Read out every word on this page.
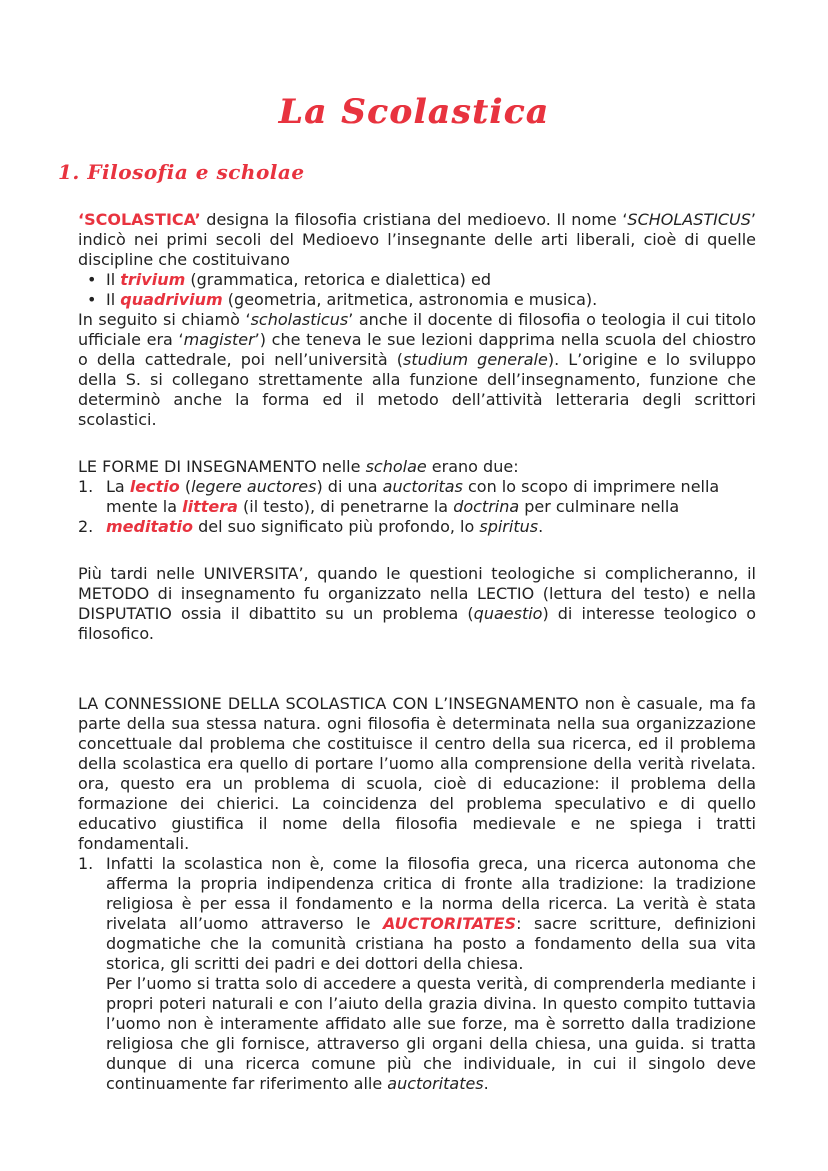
La Scolastica
1. Filosofia e scholae

‘SCOLASTICA’ designa la filosofia cristiana del medioevo. Il nome ‘SCHOLASTICUS’ indicò nei primi secoli del Medioevo l’insegnante delle arti liberali, cioè di quelle discipline che costituivano

• Il trivium (grammatica, retorica e dialettica) ed
• Il quadrivium (geometria, aritmetica, astronomia e musica).

In seguito si chiamò ‘scholasticus’ anche il docente di filosofia o teologia il cui titolo ufficiale era ‘magister’) che teneva le sue lezioni dapprima nella scuola del chiostro o della cattedrale, poi nell’università (studium generale). L’origine e lo sviluppo della S. si collegano strettamente alla funzione dell’insegnamento, funzione che determinò anche la forma ed il metodo dell’attività letteraria degli scrittori scolastici.

LE FORME DI INSEGNAMENTO nelle scholae erano due:

1. La lectio (legere auctores) di una auctoritas con lo scopo di imprimere nella mente la littera (il testo), di penetrarne la doctrina per culminare nella
2. meditatio del suo significato più profondo, lo spiritus.

Più tardi nelle UNIVERSITA’, quando le questioni teologiche si complicheranno, il METODO di insegnamento fu organizzato nella LECTIO (lettura del testo) e nella DISPUTATIO ossia il dibattito su un problema (quaestio) di interesse teologico o filosofico.

LA CONNESSIONE DELLA SCOLASTICA CON L’INSEGNAMENTO non è casuale, ma fa parte della sua stessa natura. ogni filosofia è determinata nella sua organizzazione concettuale dal problema che costituisce il centro della sua ricerca, ed il problema della scolastica era quello di portare l’uomo alla comprensione della verità rivelata. ora, questo era un problema di scuola, cioè di educazione: il problema della formazione dei chierici. La coincidenza del problema speculativo e di quello educativo giustifica il nome della filosofia medievale e ne spiega i tratti fondamentali.

1. Infatti la scolastica non è, come la filosofia greca, una ricerca autonoma che afferma la propria indipendenza critica di fronte alla tradizione: la tradizione religiosa è per essa il fondamento e la norma della ricerca. La verità è stata rivelata all’uomo attraverso le AUCTORITATES: sacre scritture, definizioni dogmatiche che la comunità cristiana ha posto a fondamento della sua vita storica, gli scritti dei padri e dei dottori della chiesa.

Per l’uomo si tratta solo di accedere a questa verità, di comprenderla mediante i propri poteri naturali e con l’aiuto della grazia divina. In questo compito tuttavia l’uomo non è interamente affidato alle sue forze, ma è sorretto dalla tradizione religiosa che gli fornisce, attraverso gli organi della chiesa, una guida. si tratta dunque di una ricerca comune più che individuale, in cui il singolo deve continuamente far riferimento alle auctoritates.
